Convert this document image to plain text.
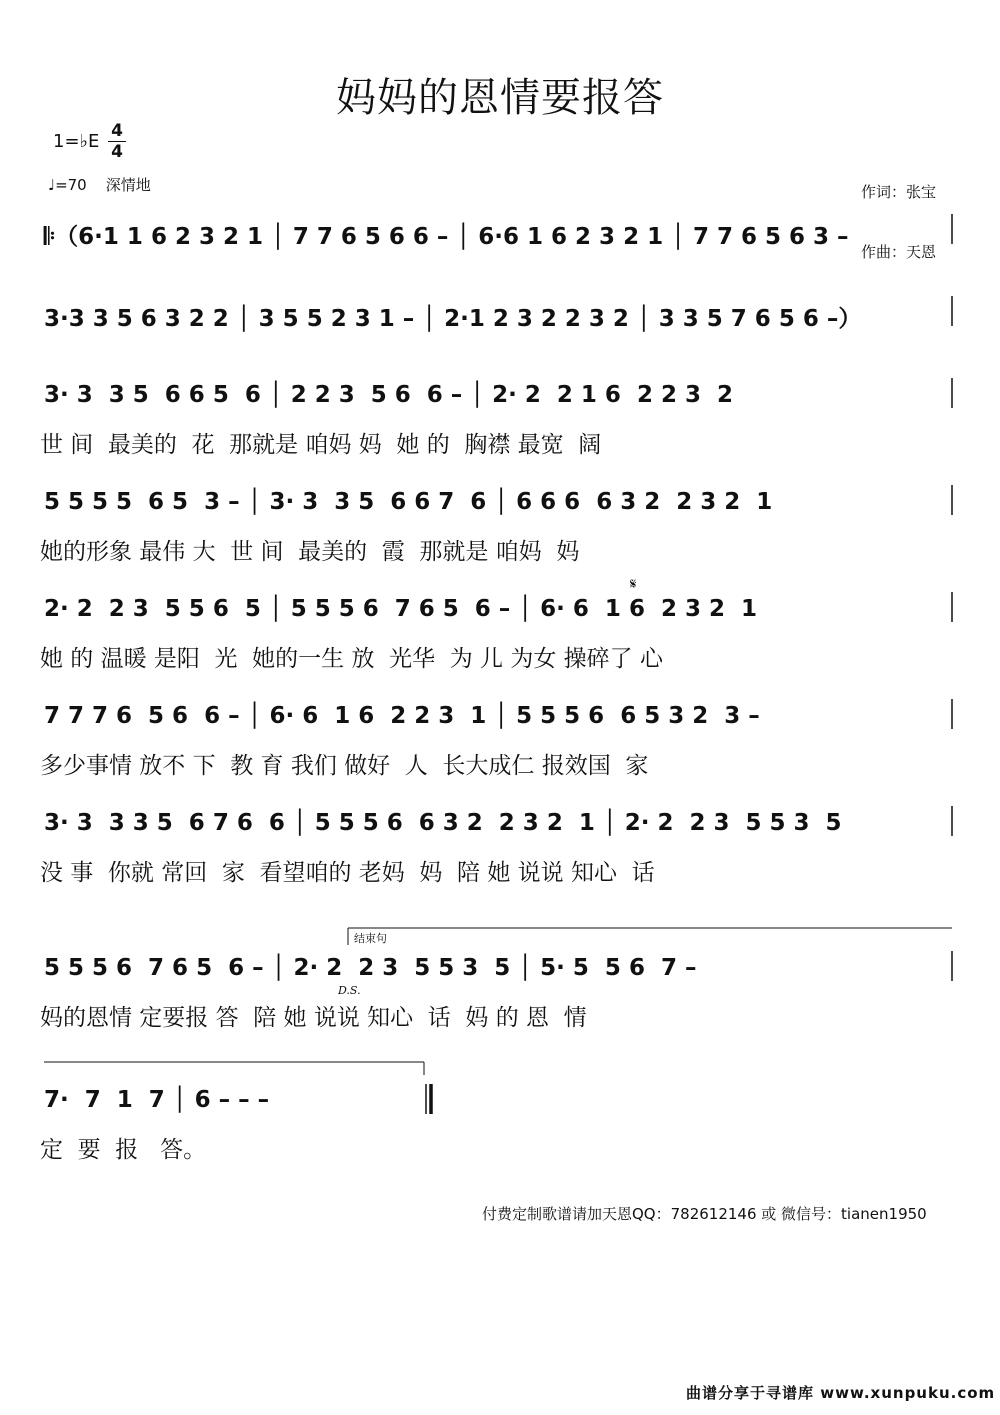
妈妈的恩情要报答
1=♭E 4
4
♩=70    深情地

	作词：张宝

作曲：天恩

𝄆（6·1 1 6 2 3 2 1 │ 7 7 6 5 6 6 – │ 6·6 1 6 2 3 2 1 │ 7 7 6 5 6 3 –
3·3 3 5 6 3 2 2 │ 3 5 5 2 3 1 – │ 2·1 2 3 2 2 3 2 │ 3 3 5 7 6 5 6 –）
3· 3  3 5  6 6 5  6 │ 2 2 3  5 6  6 – │ 2· 2  2 1 6  2 2 3  2
世 间  最美的  花  那就是 咱妈 妈  她 的  胸襟 最宽  阔
5 5 5 5  6 5  3 – │ 3· 3  3 5  6 6 7  6 │ 6 6 6  6 3 2  2 3 2  1
她的形象 最伟 大  世 间  最美的  霞  那就是 咱妈  妈
2· 2  2 3  5 5 6  5 │ 5 5 5 6  7 6 5  6 – │ 6· 6  1 6  2 3 2  1
她 的 温暖 是阳  光  她的一生 放  光华  为 儿 为女 操碎了 心
7 7 7 6  5 6  6 – │ 6· 6  1 6  2 2 3  1 │ 5 5 5 6  6 5 3 2  3 –
多少事情 放不 下  教 育 我们 做好  人  长大成仁 报效国  家
3· 3  3 3 5  6 7 6  6 │ 5 5 5 6  6 3 2  2 3 2  1 │ 2· 2  2 3  5 5 3  5
没 事  你就 常回  家  看望咱的 老妈  妈  陪 她 说说 知心  话
5 5 5 6  7 6 5  6 – │ 2· 2  2 3  5 5 3  5 │ 5· 5  5 6  7 –
妈的恩情 定要报 答  陪 她 说说 知心  话  妈 的 恩  情
7·  7  1  7 │ 6 – – –
定  要  报   答。
𝄋
D.S.
结束句
付费定制歌谱请加天恩QQ：782612146 或 微信号：tianen1950
曲谱分享于寻谱库 www.xunpuku.com
